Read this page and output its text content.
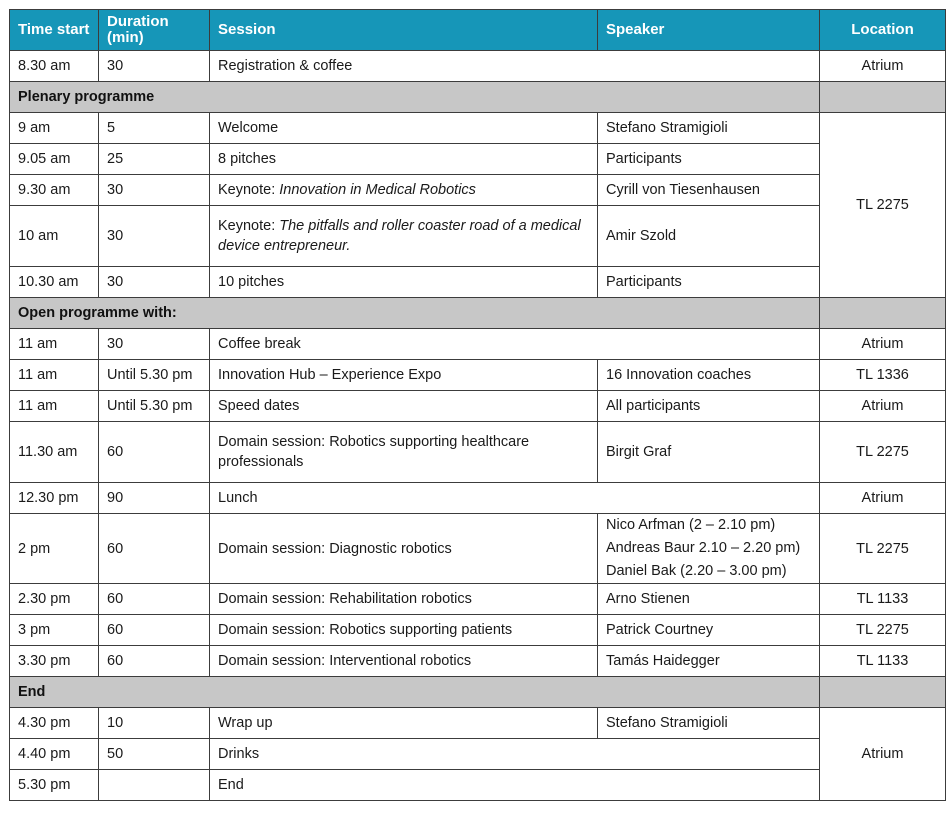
Time start	Duration (min)	Session	Speaker	Location
8.30 am	30	Registration & coffee		Atrium
Plenary programme				
9 am	5	Welcome	Stefano Stramigioli	TL 2275
9.05 am	25	8 pitches	Participants	
9.30 am	30	Keynote: Innovation in Medical Robotics	Cyrill von Tiesenhausen	
10 am	30	Keynote: The pitfalls and roller coaster road of a medical device entrepreneur.	Amir Szold	
10.30 am	30	10 pitches	Participants	
Open programme with:				
11 am	30	Coffee break		Atrium
11 am	Until 5.30 pm	Innovation Hub – Experience Expo	16 Innovation coaches	TL 1336
11 am	Until 5.30 pm	Speed dates	All participants	Atrium
11.30 am	60	Domain session: Robotics supporting healthcare professionals	Birgit Graf	TL 2275
12.30 pm	90	Lunch		Atrium
2 pm	60	Domain session: Diagnostic robotics	Nico Arfman (2 – 2.10 pm)
Andreas Baur 2.10 – 2.20 pm)
Daniel Bak (2.20 – 3.00 pm)	TL 2275
2.30 pm	60	Domain session: Rehabilitation robotics	Arno Stienen	TL 1133
3 pm	60	Domain session: Robotics supporting patients	Patrick Courtney	TL 2275
3.30 pm	60	Domain session: Interventional robotics	Tamás Haidegger	TL 1133
End				
4.30 pm	10	Wrap up	Stefano Stramigioli	Atrium
4.40 pm	50	Drinks		
5.30 pm		End		
